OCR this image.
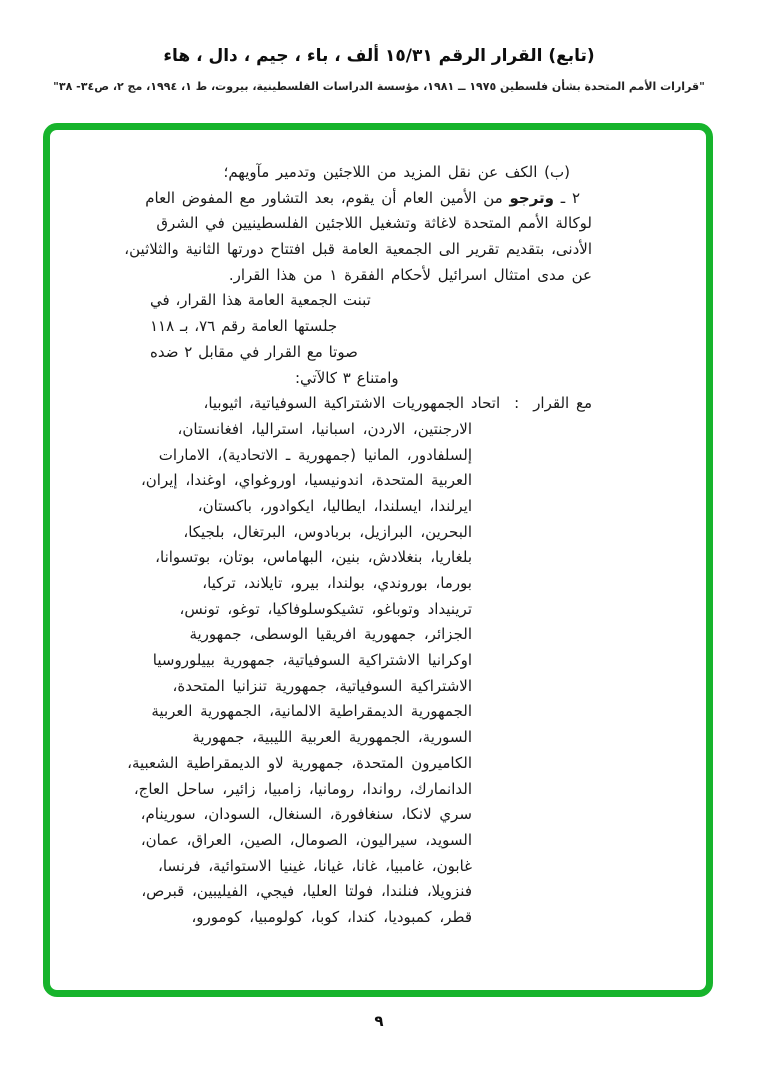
(تابع) القرار الرقم ١٥/٣١ ألف ، باء ، جيم ، دال ، هاء
"قرارات الأمم المتحدة بشأن فلسطين ١٩٧٥ ــ ١٩٨١، مؤسسة الدراسات الفلسطينية، بيروت، ط ١، ١٩٩٤، مج ٢، ص٣٤- ٣٨"
(ب) الكف عن نقل المزيد من اللاجئين وتدمير مآويهم؛
٢ ـ وترجو من الأمين العام أن يقوم، بعد التشاور مع المفوض العام
لوكالة الأمم المتحدة لاغاثة وتشغيل اللاجئين الفلسطينيين في الشرق
الأدنى، بتقديم تقرير الى الجمعية العامة قبل افتتاح دورتها الثانية والثلاثين،
عن مدى امتثال اسرائيل لأحكام الفقرة ١ من هذا القرار.
تبنت الجمعية العامة هذا القرار، في
جلستها العامة رقم ٧٦، بـ ١١٨
صوتا مع القرار في مقابل ٢ ضده
وامتناع ٣ كالآتي:
مع القرار:اتحاد الجمهوريات الاشتراكية السوفياتية، اثيوبيا،
الارجنتين، الاردن، اسبانيا، استراليا، افغانستان،
إلسلفادور، المانيا (جمهورية ـ الاتحادية)، الامارات
العربية المتحدة، اندونيسيا، اوروغواي، اوغندا، إيران،
ايرلندا، ايسلندا، ايطاليا، ايكوادور، باكستان،
البحرين، البرازيل، بربادوس، البرتغال، بلجيكا،
بلغاريا، بنغلادش، بنين، البهاماس، بوتان، بوتسوانا،
بورما، بوروندي، بولندا، بيرو، تايلاند، تركيا،
ترينيداد وتوباغو، تشيكوسلوفاكيا، توغو، تونس،
الجزائر، جمهورية افريقيا الوسطى، جمهورية
اوكرانيا الاشتراكية السوفياتية، جمهورية بييلوروسيا
الاشتراكية السوفياتية، جمهورية تنزانيا المتحدة،
الجمهورية الديمقراطية الالمانية، الجمهورية العربية
السورية، الجمهورية العربية الليبية، جمهورية
الكاميرون المتحدة، جمهورية لاو الديمقراطية الشعبية،
الدانمارك، رواندا، رومانيا، زامبيا، زائير، ساحل العاج،
سري لانكا، سنغافورة، السنغال، السودان، سورينام،
السويد، سيراليون، الصومال، الصين، العراق، عمان،
غابون، غامبيا، غانا، غيانا، غينيا الاستوائية، فرنسا،
فنزويلا، فنلندا، فولتا العليا، فيجي، الفيليبين، قبرص،
قطر، كمبوديا، كندا، كوبا، كولومبيا، كومورو،
٩
